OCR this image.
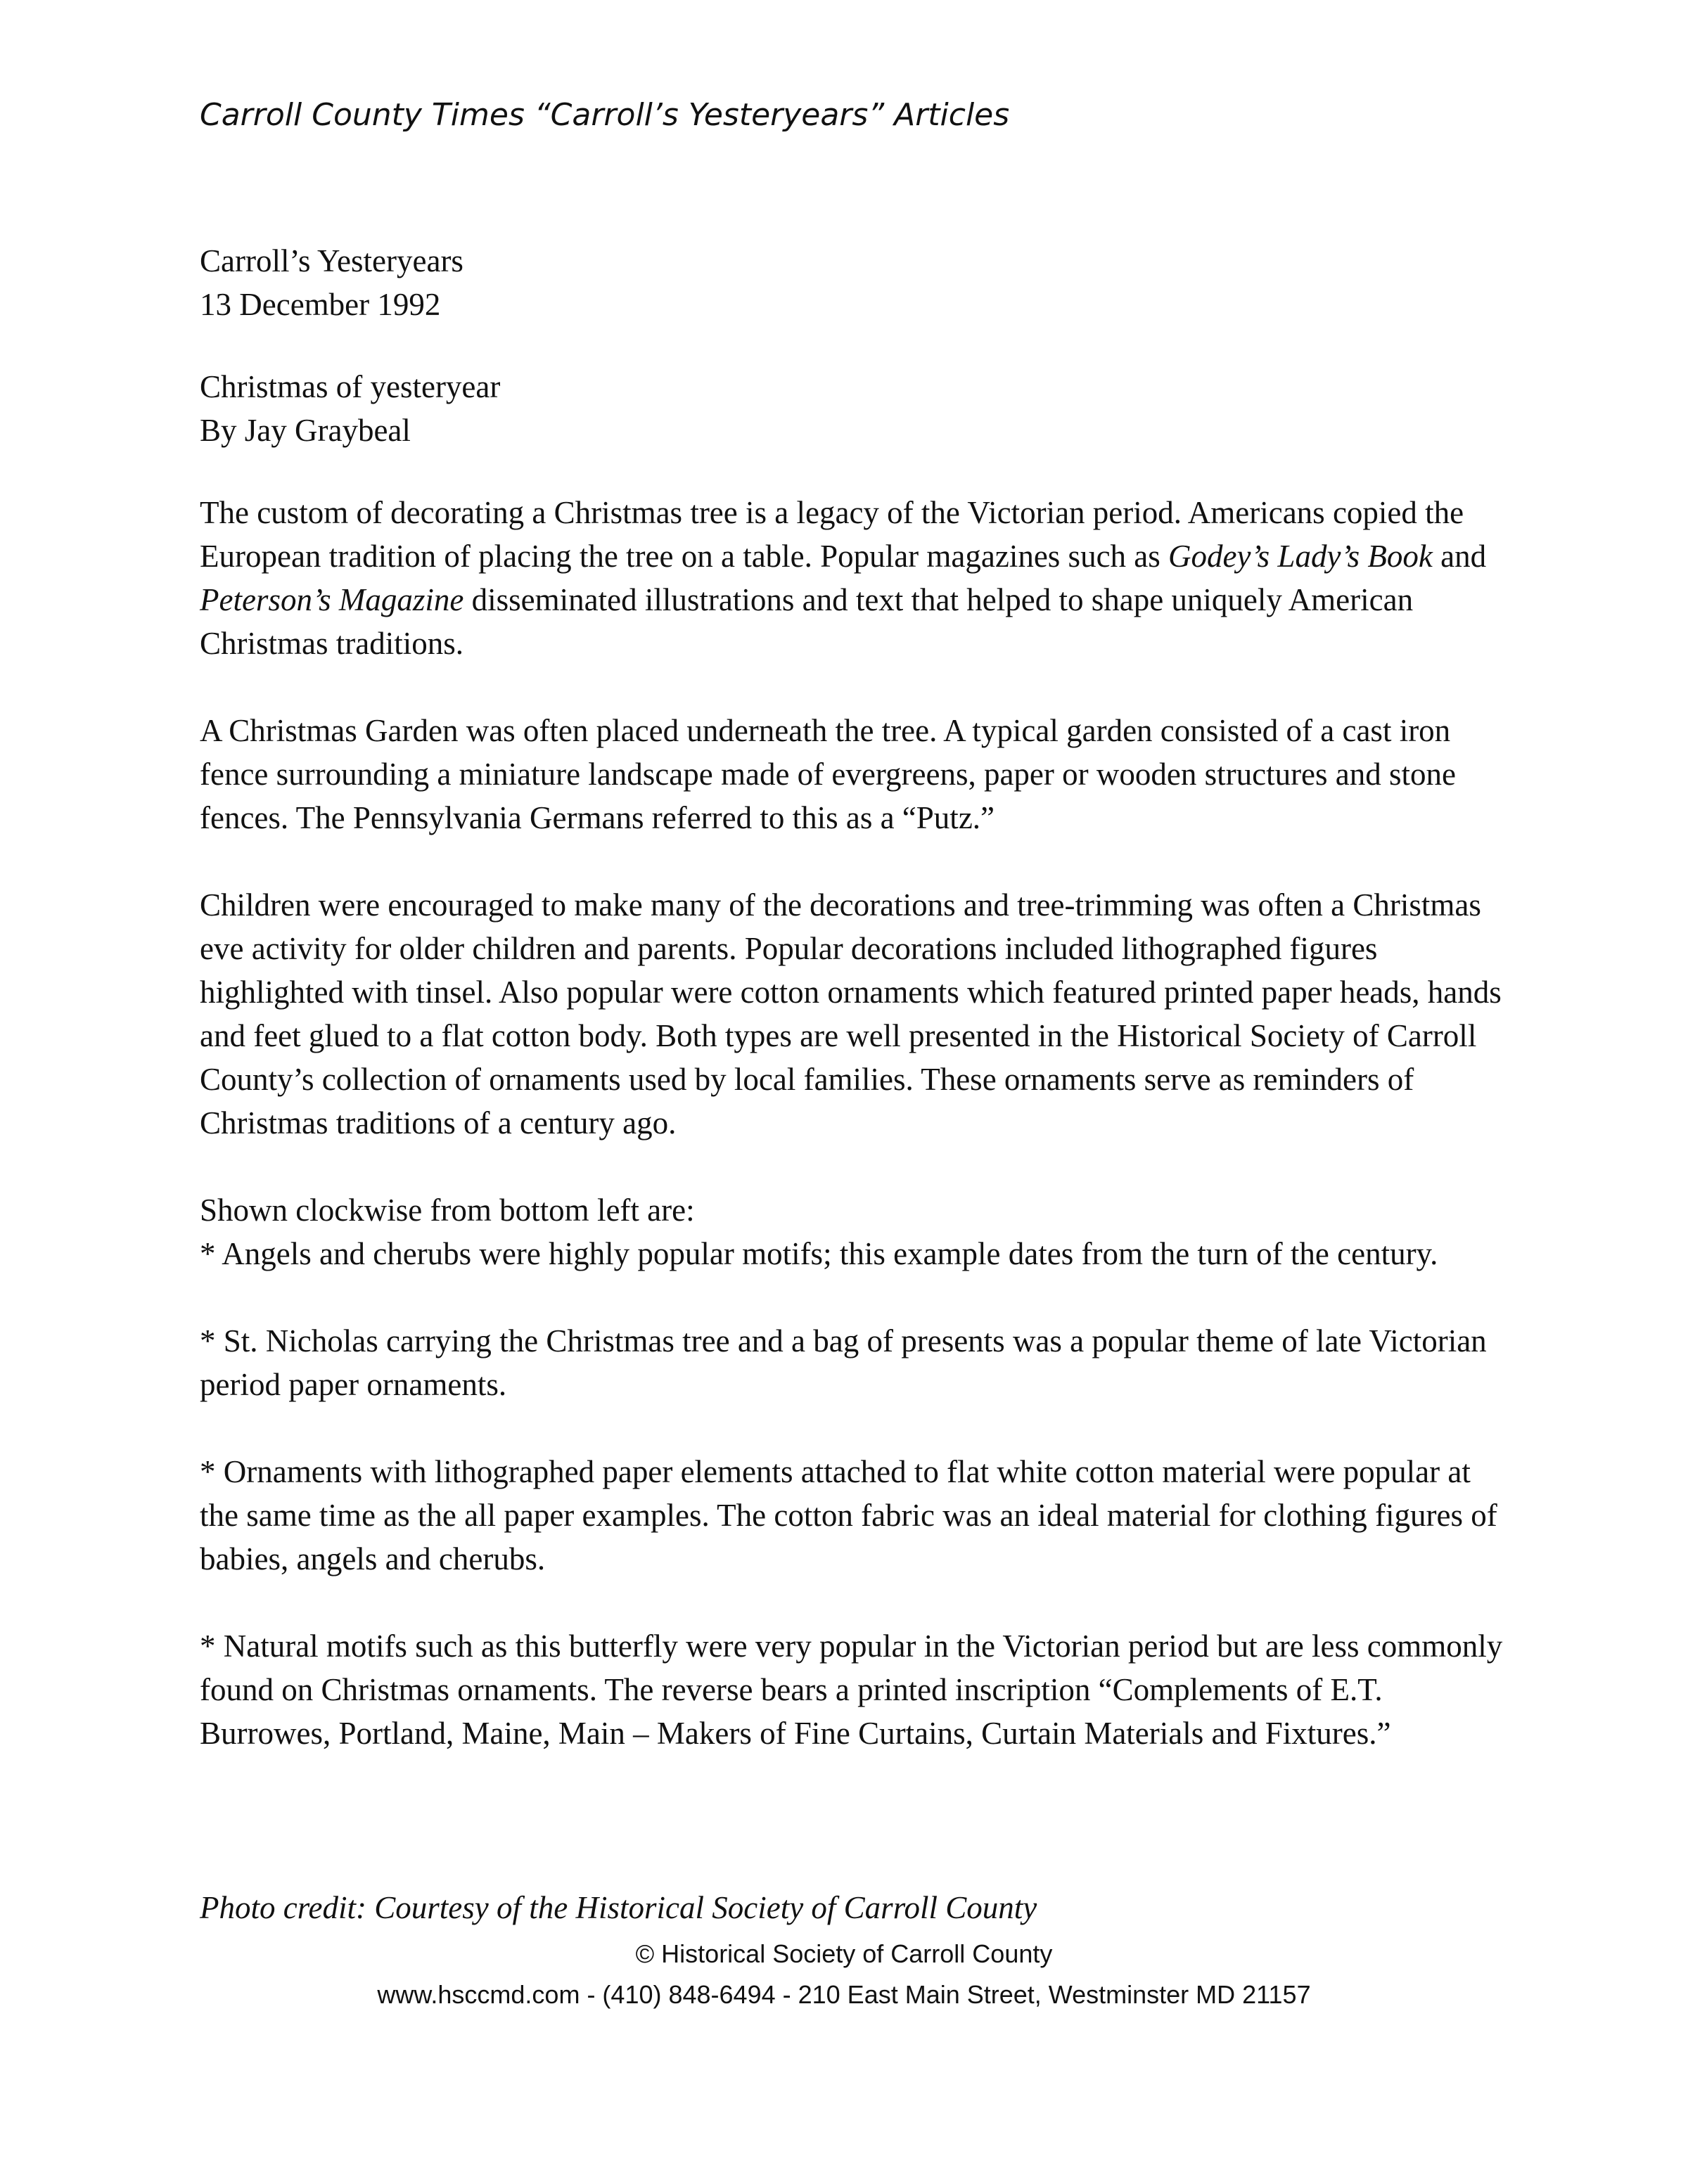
Carroll County Times “Carroll’s Yesteryears” Articles

Carroll’s Yesteryears

13 December 1992

Christmas of yesteryear

By Jay Graybeal

The custom of decorating a Christmas tree is a legacy of the Victorian period. Americans copied the European tradition of placing the tree on a table. Popular magazines such as Godey’s Lady’s Book and Peterson’s Magazine disseminated illustrations and text that helped to shape uniquely American Christmas traditions.

A Christmas Garden was often placed underneath the tree. A typical garden consisted of a cast iron fence surrounding a miniature landscape made of evergreens, paper or wooden structures and stone fences. The Pennsylvania Germans referred to this as a “Putz.”

Children were encouraged to make many of the decorations and tree-trimming was often a Christmas eve activity for older children and parents. Popular decorations included lithographed figures highlighted with tinsel. Also popular were cotton ornaments which featured printed paper heads, hands and feet glued to a flat cotton body. Both types are well presented in the Historical Society of Carroll County’s collection of ornaments used by local families. These ornaments serve as reminders of Christmas traditions of a century ago.

Shown clockwise from bottom left are:

* Angels and cherubs were highly popular motifs; this example dates from the turn of the century.

* St. Nicholas carrying the Christmas tree and a bag of presents was a popular theme of late Victorian period paper ornaments.

* Ornaments with lithographed paper elements attached to flat white cotton material were popular at the same time as the all paper examples. The cotton fabric was an ideal material for clothing figures of babies, angels and cherubs.

* Natural motifs such as this butterfly were very popular in the Victorian period but are less commonly found on Christmas ornaments. The reverse bears a printed inscription “Complements of E.T. Burrowes, Portland, Maine, Main – Makers of Fine Curtains, Curtain Materials and Fixtures.”

Photo credit: Courtesy of the Historical Society of Carroll County
© Historical Society of Carroll County
www.hsccmd.com - (410) 848-6494 - 210 East Main Street, Westminster MD 21157
